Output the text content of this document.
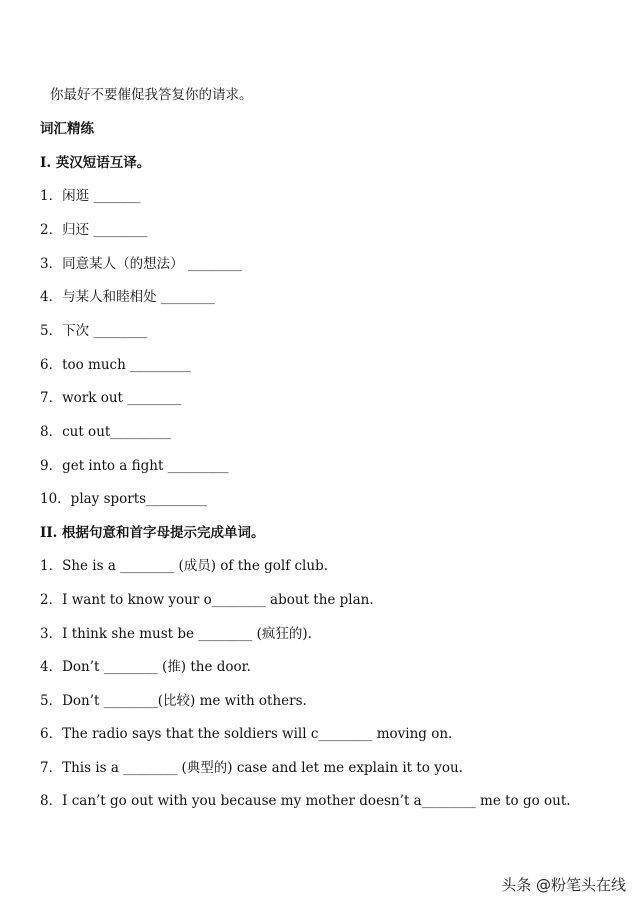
你最好不要催促我答复你的请求。
词汇精练
I. 英汉短语互译。
1．闲逛 _______
2．归还 ________
3．同意某人（的想法） ________
4．与某人和睦相处 ________
5．下次 ________
6．too much _________
7．work out ________
8．cut out_________
9．get into a fight _________
10．play sports_________
II. 根据句意和首字母提示完成单词。
1．She is a ________ (成员) of the golf club.
2．I want to know your o________ about the plan.
3．I think she must be ________ (疯狂的).
4．Don’t ________ (推) the door.
5．Don’t ________(比较) me with others.
6．The radio says that the soldiers will c________ moving on.
7．This is a ________ (典型的) case and let me explain it to you.
8．I can’t go out with you because my mother doesn’t a________ me to go out.
头条 @粉笔头在线
